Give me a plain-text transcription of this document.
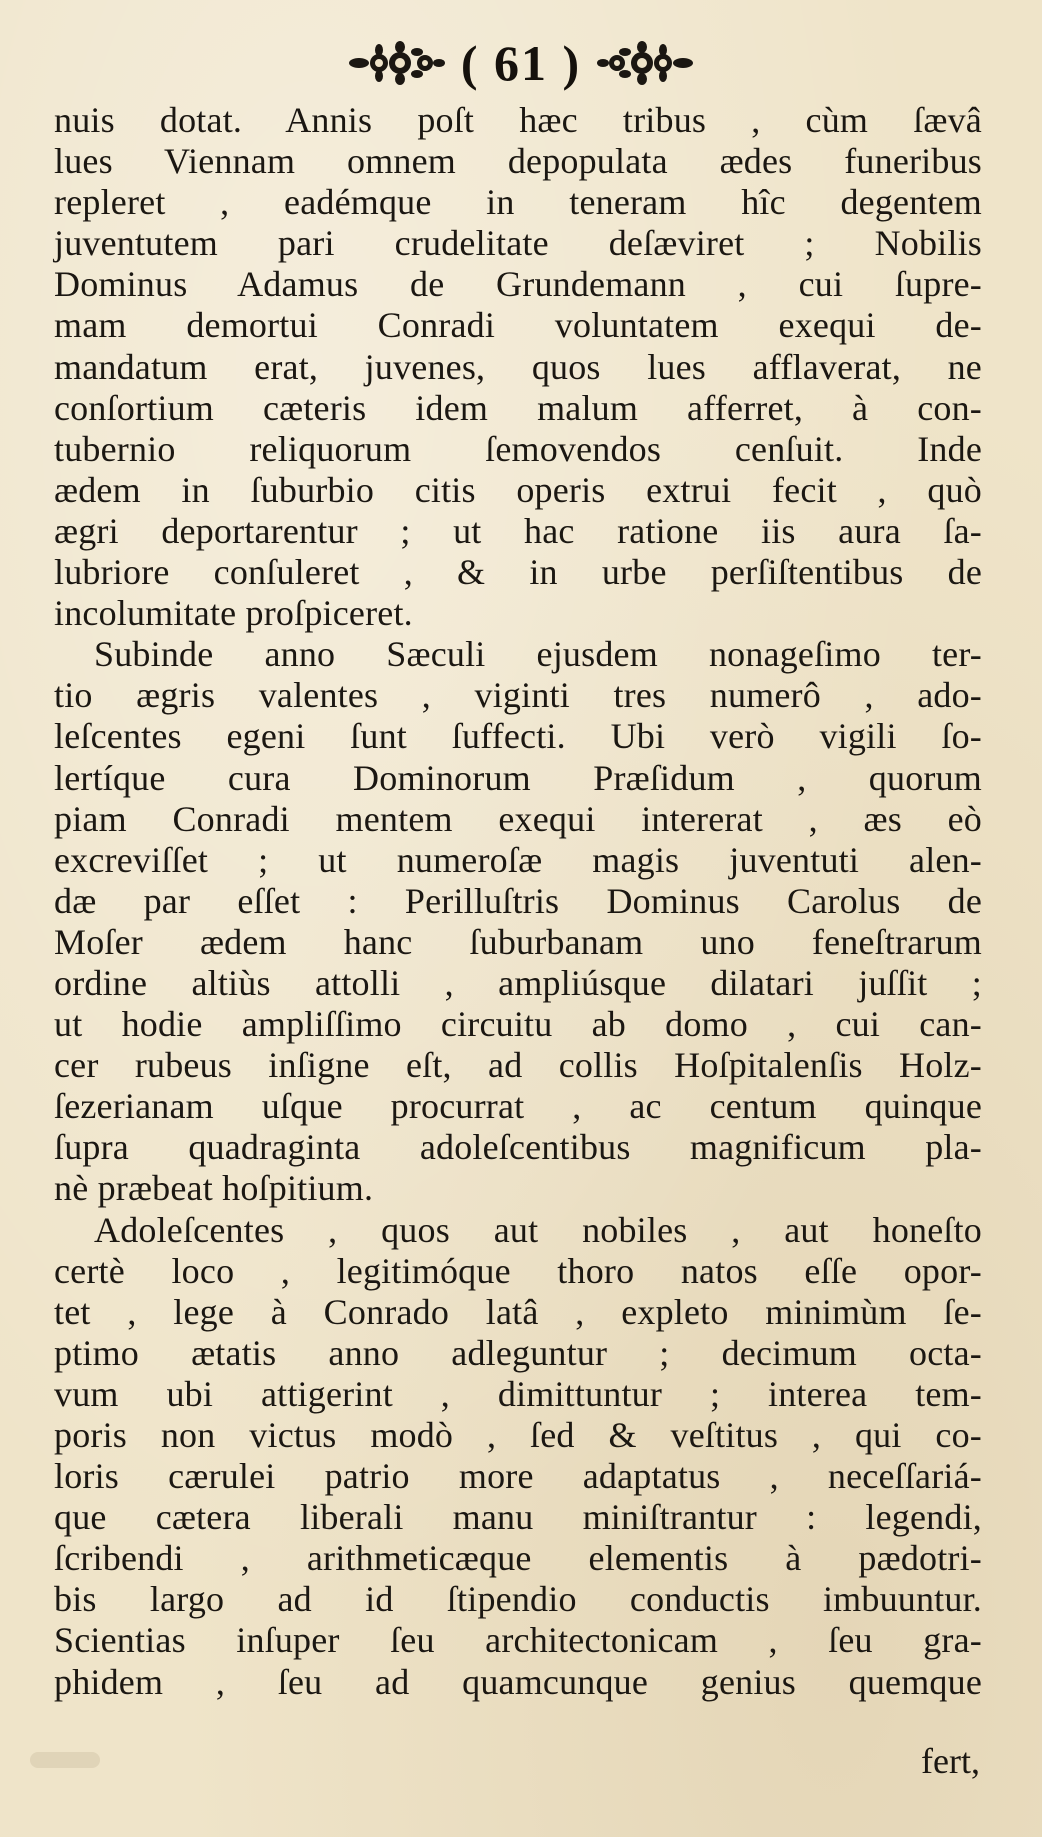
( 61 )
nuis dotat. Annis poſt hæc tribus , cùm ſævâ
lues Viennam omnem depopulata ædes funeribus
repleret , eadémque in teneram hîc degentem
juventutem pari crudelitate deſæviret ; Nobilis
Dominus Adamus de Grundemann , cui ſupre-
mam demortui Conradi voluntatem exequi de-
mandatum erat, juvenes, quos lues afflaverat, ne
conſortium cæteris idem malum afferret, à con-
tubernio reliquorum ſemovendos cenſuit. Inde
ædem in ſuburbio citis operis extrui fecit , quò
ægri deportarentur ; ut hac ratione iis aura ſa-
lubriore conſuleret , & in urbe perſiſtentibus de
incolumitate proſpiceret.
Subinde anno Sæculi ejusdem nonageſimo ter-
tio ægris valentes , viginti tres numerô , ado-
leſcentes egeni ſunt ſuffecti. Ubi verò vigili ſo-
lertíque cura Dominorum Præſidum , quorum
piam Conradi mentem exequi intererat , æs eò
excreviſſet ; ut numeroſæ magis juventuti alen-
dæ par eſſet : Perilluſtris Dominus Carolus de
Moſer ædem hanc ſuburbanam uno feneſtrarum
ordine altiùs attolli , ampliúsque dilatari juſſit ;
ut hodie ampliſſimo circuitu ab domo , cui can-
cer rubeus inſigne eſt, ad collis Hoſpitalenſis Holz-
ſezerianam uſque procurrat , ac centum quinque
ſupra quadraginta adoleſcentibus magnificum pla-
nè præbeat hoſpitium.
Adoleſcentes , quos aut nobiles , aut honeſto
certè loco , legitimóque thoro natos eſſe opor-
tet , lege à Conrado latâ , expleto minimùm ſe-
ptimo ætatis anno adleguntur ; decimum octa-
vum ubi attigerint , dimittuntur ; interea tem-
poris non victus modò , ſed & veſtitus , qui co-
loris cærulei patrio more adaptatus , neceſſariá-
que cætera liberali manu miniſtrantur : legendi,
ſcribendi , arithmeticæque elementis à pædotri-
bis largo ad id ſtipendio conductis imbuuntur.
Scientias inſuper ſeu architectonicam , ſeu gra-
phidem , ſeu ad quamcunque genius quemque
fert,
